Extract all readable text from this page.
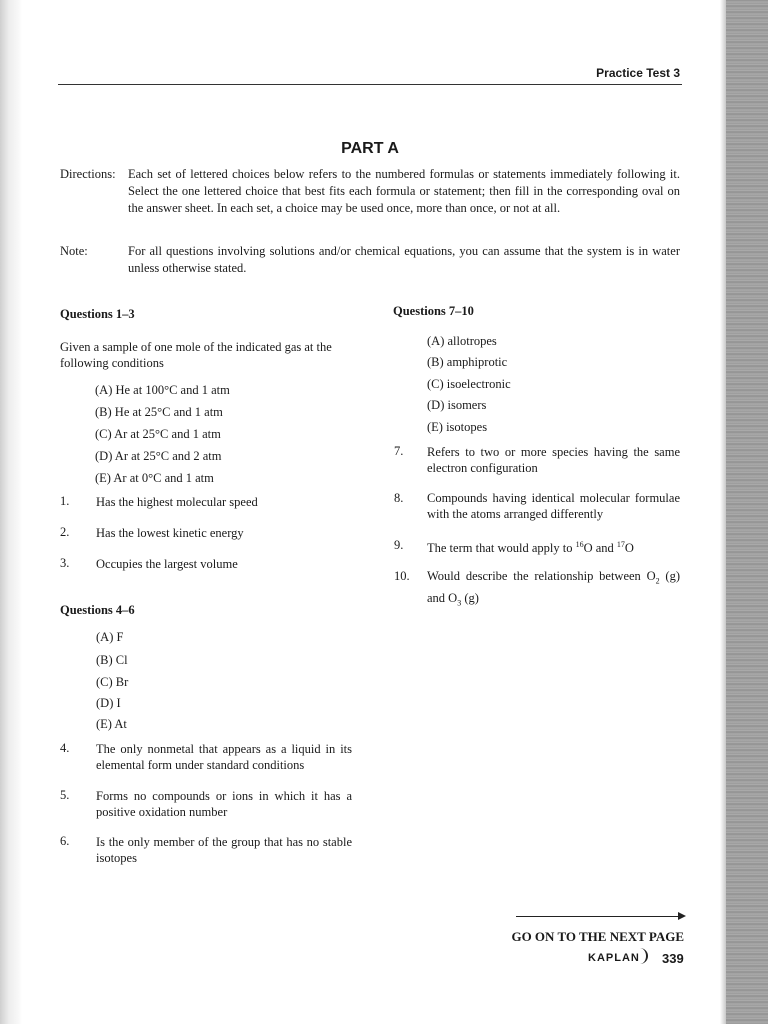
Practice Test 3
PART A
Directions: Each set of lettered choices below refers to the numbered formulas or statements immediately following it. Select the one lettered choice that best fits each formula or statement; then fill in the corresponding oval on the answer sheet. In each set, a choice may be used once, more than once, or not at all.
Note:	For all questions involving solutions and/or chemical equations, you can assume that the system is in water unless otherwise stated.
Questions 1–3
Given a sample of one mole of the indicated gas at the following conditions
(A) He at 100°C and 1 atm
(B) He at 25°C and 1 atm
(C) Ar at 25°C and 1 atm
(D) Ar at 25°C and 2 atm
(E) Ar at 0°C and 1 atm
1. Has the highest molecular speed
2. Has the lowest kinetic energy
3. Occupies the largest volume
Questions 4–6
(A) F
(B) Cl
(C) Br
(D) I
(E) At
4. The only nonmetal that appears as a liquid in its elemental form under standard conditions
5. Forms no compounds or ions in which it has a positive oxidation number
6. Is the only member of the group that has no stable isotopes
Questions 7–10
(A) allotropes
(B) amphiprotic
(C) isoelectronic
(D) isomers
(E) isotopes
7. Refers to two or more species having the same electron configuration
8. Compounds having identical molecular formulae with the atoms arranged differently
9. The term that would apply to $^{16}$O and $^{17}$O
10. Would describe the relationship between $O_2$ (g) and $O_3$ (g)
GO ON TO THE NEXT PAGE
KAPLAN 339
